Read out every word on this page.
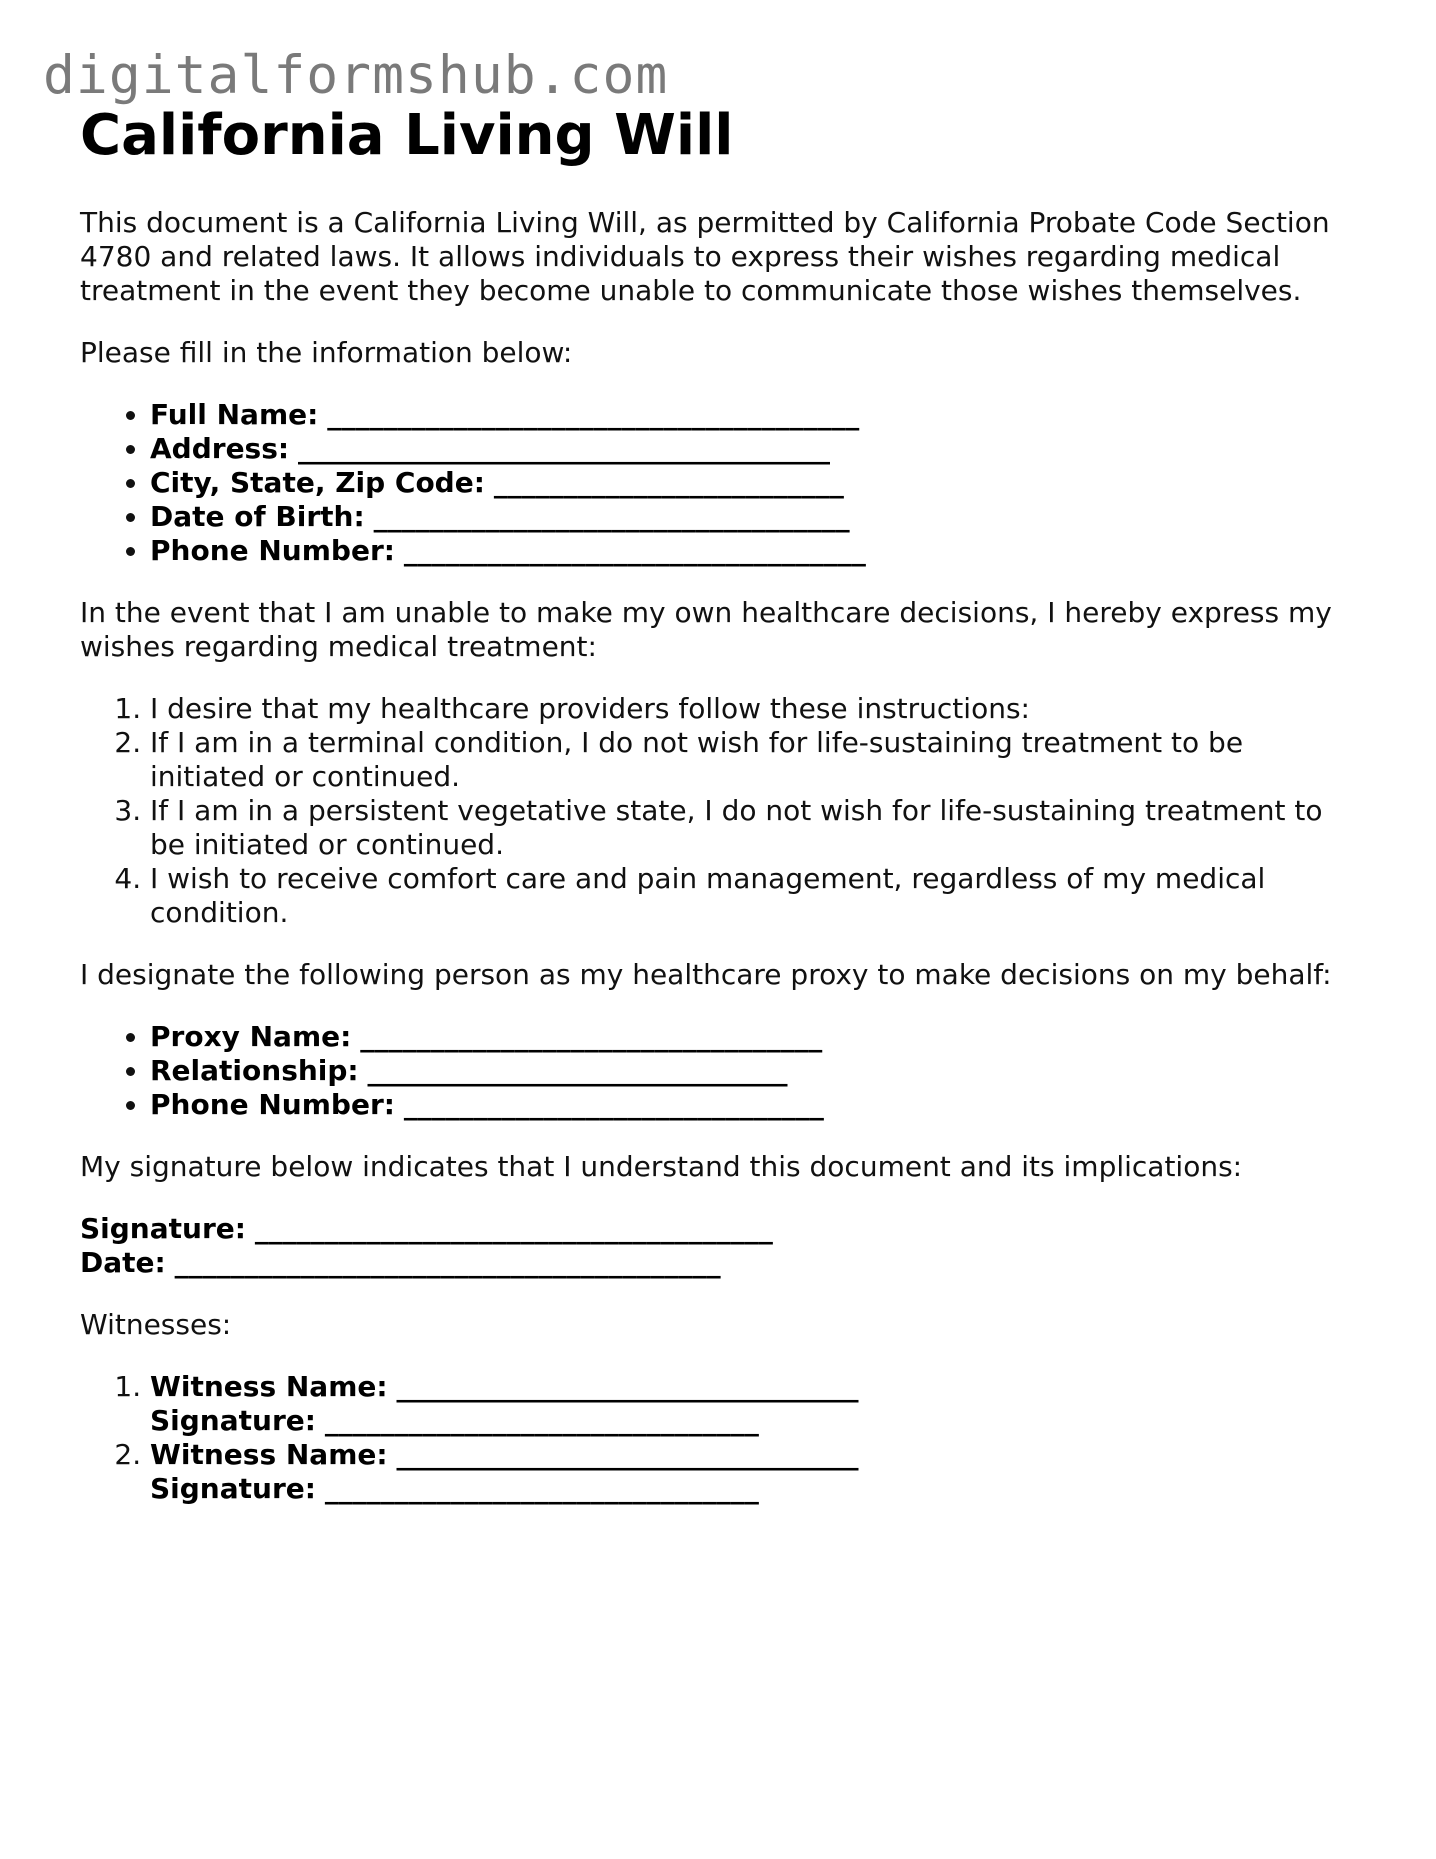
digitalformshub.com
California Living Will

This document is a California Living Will, as permitted by California Probate Code Section 4780 and related laws. It allows individuals to express their wishes regarding medical treatment in the event they become unable to communicate those wishes themselves.

Please fill in the information below:

• Full Name: ______________________________________
• Address: ______________________________________
• City, State, Zip Code: _________________________
• Date of Birth: __________________________________
• Phone Number: _________________________________

In the event that I am unable to make my own healthcare decisions, I hereby express my wishes regarding medical treatment:

1. I desire that my healthcare providers follow these instructions:
2. If I am in a terminal condition, I do not wish for life-sustaining treatment to be initiated or continued.
3. If I am in a persistent vegetative state, I do not wish for life-sustaining treatment to be initiated or continued.
4. I wish to receive comfort care and pain management, regardless of my medical condition.

I designate the following person as my healthcare proxy to make decisions on my behalf:

• Proxy Name: _________________________________
• Relationship: ______________________________
• Phone Number: ______________________________

My signature below indicates that I understand this document and its implications:

Signature: _____________________________________
Date: _______________________________________

Witnesses:

1. Witness Name: _________________________________
Signature: _______________________________
2. Witness Name: _________________________________
Signature: _______________________________
